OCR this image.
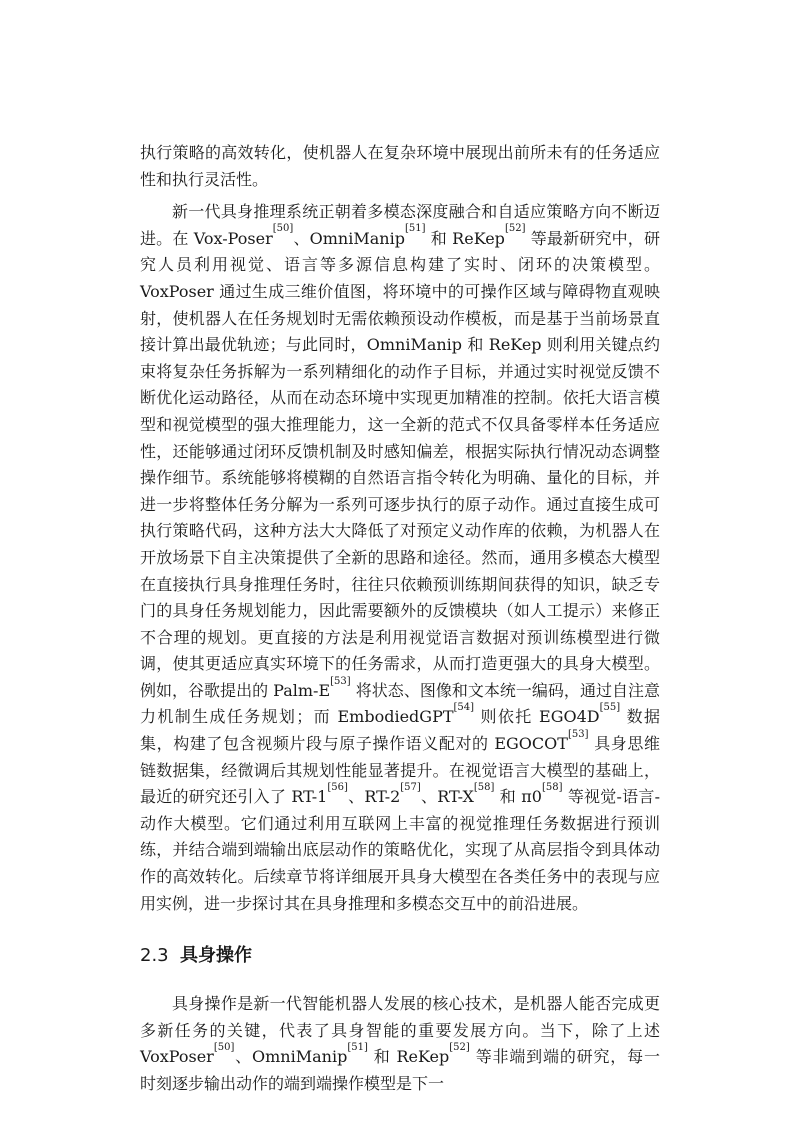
执行策略的高效转化，使机器人在复杂环境中展现出前所未有的任务适应性和执行灵活性。

新一代具身推理系统正朝着多模态深度融合和自适应策略方向不断迈进。在 Vox-Poser[50]、OmniManip[51] 和 ReKep[52] 等最新研究中，研究人员利用视觉、语言等多源信息构建了实时、闭环的决策模型。VoxPoser 通过生成三维价值图，将环境中的可操作区域与障碍物直观映射，使机器人在任务规划时无需依赖预设动作模板，而是基于当前场景直接计算出最优轨迹；与此同时，OmniManip 和 ReKep 则利用关键点约束将复杂任务拆解为一系列精细化的动作子目标，并通过实时视觉反馈不断优化运动路径，从而在动态环境中实现更加精准的控制。依托大语言模型和视觉模型的强大推理能力，这一全新的范式不仅具备零样本任务适应性，还能够通过闭环反馈机制及时感知偏差，根据实际执行情况动态调整操作细节。系统能够将模糊的自然语言指令转化为明确、量化的目标，并进一步将整体任务分解为一系列可逐步执行的原子动作。通过直接生成可执行策略代码，这种方法大大降低了对预定义动作库的依赖，为机器人在开放场景下自主决策提供了全新的思路和途径。然而，通用多模态大模型在直接执行具身推理任务时，往往只依赖预训练期间获得的知识，缺乏专门的具身任务规划能力，因此需要额外的反馈模块（如人工提示）来修正不合理的规划。更直接的方法是利用视觉语言数据对预训练模型进行微调，使其更适应真实环境下的任务需求，从而打造更强大的具身大模型。例如，谷歌提出的 Palm-E[53] 将状态、图像和文本统一编码，通过自注意力机制生成任务规划；而 EmbodiedGPT[54] 则依托 EGO4D[55] 数据集，构建了包含视频片段与原子操作语义配对的 EGOCOT[53] 具身思维链数据集，经微调后其规划性能显著提升。在视觉语言大模型的基础上，最近的研究还引入了 RT-1[56]、RT-2[57]、RT-X[58] 和 π0[58] 等视觉-语言-动作大模型。它们通过利用互联网上丰富的视觉推理任务数据进行预训练，并结合端到端输出底层动作的策略优化，实现了从高层指令到具体动作的高效转化。后续章节将详细展开具身大模型在各类任务中的表现与应用实例，进一步探讨其在具身推理和多模态交互中的前沿进展。

2.3 具身操作

具身操作是新一代智能机器人发展的核心技术，是机器人能否完成更多新任务的关键，代表了具身智能的重要发展方向。当下，除了上述 VoxPoser[50]、OmniManip[51] 和 ReKep[52] 等非端到端的研究，每一时刻逐步输出动作的端到端操作模型是下一
